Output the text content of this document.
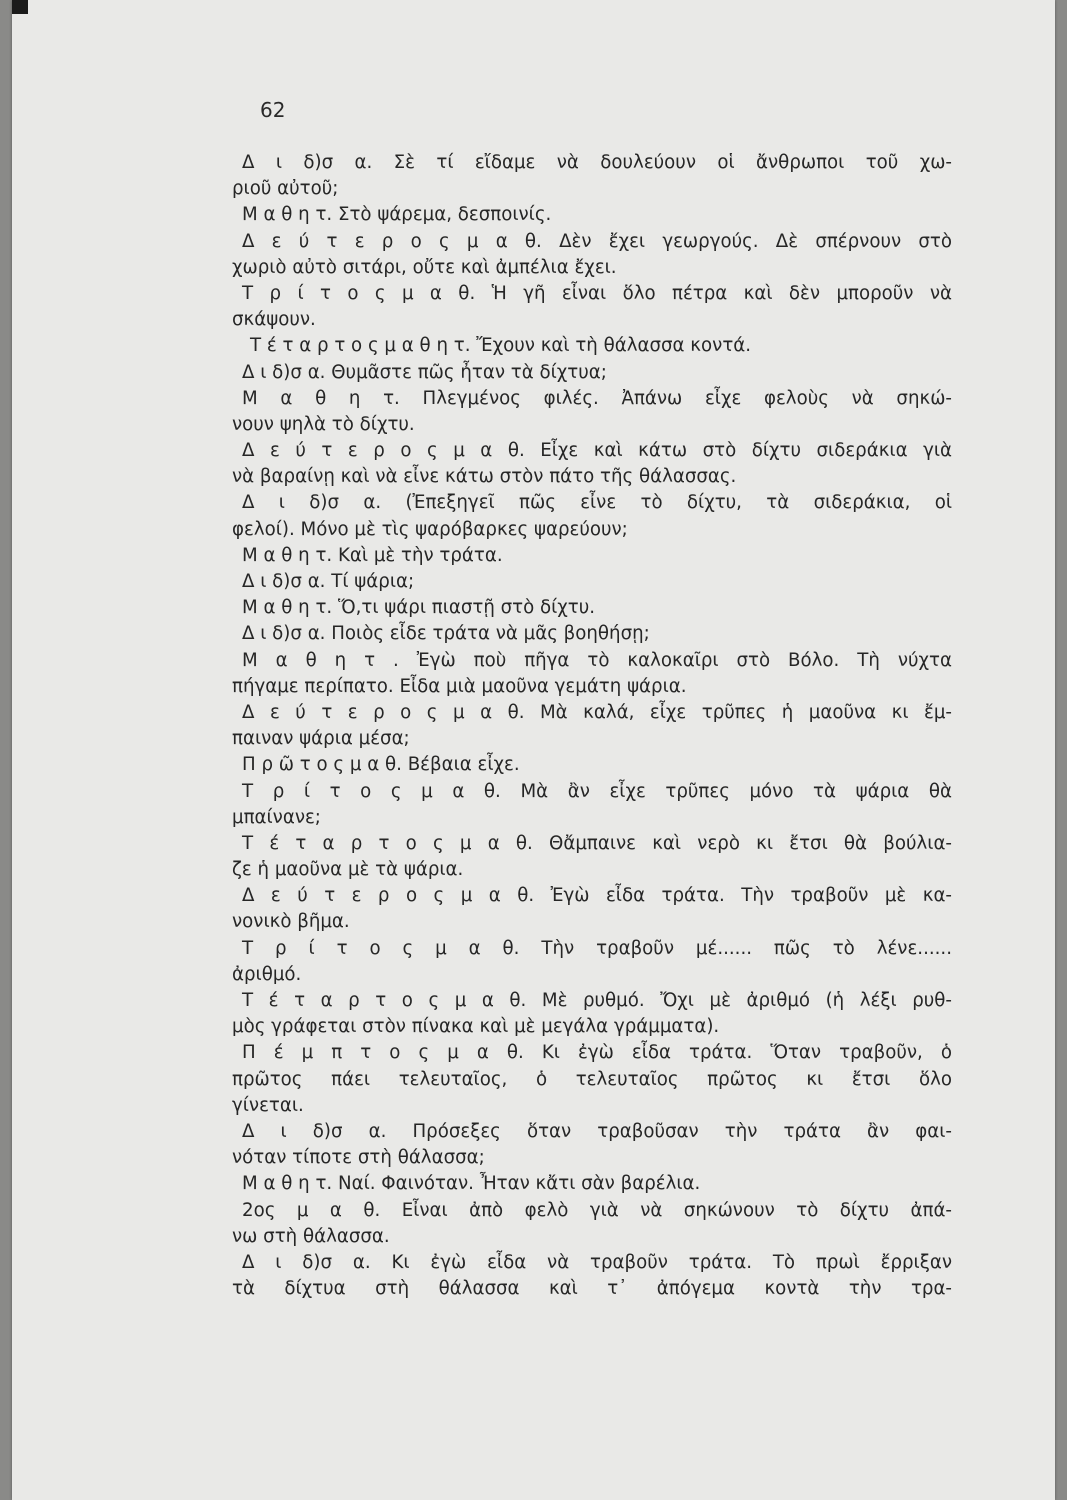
62
Δ ι δ)σ α. Σὲ τί εἴδαμε νὰ δουλεύουν οἱ ἄνθρωποι τοῦ χω-
ριοῦ αὐτοῦ;
Μ α θ η τ. Στὸ ψάρεμα, δεσποινίς.
Δ ε ύ τ ε ρ ο ς μ α θ. Δὲν ἔχει γεωργούς. Δὲ σπέρνουν στὸ
χωριὸ αὐτὸ σιτάρι, οὔτε καὶ ἀμπέλια ἔχει.
Τ ρ ί τ ο ς μ α θ. Ἡ γῆ εἶναι ὅλο πέτρα καὶ δὲν μποροῦν νὰ
σκάψουν.
Τ έ τ α ρ τ ο ς μ α θ η τ. Ἔχουν καὶ τὴ θάλασσα κοντά.
Δ ι δ)σ α. Θυμᾶστε πῶς ἦταν τὰ δίχτυα;
Μ α θ η τ. Πλεγμένος φιλές. Ἀπάνω εἶχε φελοὺς νὰ σηκώ-
νουν ψηλὰ τὸ δίχτυ.
Δ ε ύ τ ε ρ ο ς μ α θ. Εἶχε καὶ κάτω στὸ δίχτυ σιδεράκια γιὰ
νὰ βαραίνῃ καὶ νὰ εἶνε κάτω στὸν πάτο τῆς θάλασσας.
Δ ι δ)σ α. (Ἐπεξηγεῖ πῶς εἶνε τὸ δίχτυ, τὰ σιδεράκια, οἱ
φελοί). Μόνο μὲ τὶς ψαρόβαρκες ψαρεύουν;
Μ α θ η τ. Καὶ μὲ τὴν τράτα.
Δ ι δ)σ α. Τί ψάρια;
Μ α θ η τ. Ὅ,τι ψάρι πιαστῇ στὸ δίχτυ.
Δ ι δ)σ α. Ποιὸς εἶδε τράτα νὰ μᾶς βοηθήσῃ;
Μ α θ η τ . Ἐγὼ ποὺ πῆγα τὸ καλοκαῖρι στὸ Βόλο. Τὴ νύχτα
πήγαμε περίπατο. Εἶδα μιὰ μαοῦνα γεμάτη ψάρια.
Δ ε ύ τ ε ρ ο ς μ α θ. Μὰ καλά, εἶχε τρῦπες ἡ μαοῦνα κι ἔμ-
παιναν ψάρια μέσα;
Π ρ ῶ τ ο ς μ α θ. Βέβαια εἶχε.
Τ ρ ί τ ο ς μ α θ. Μὰ ἂν εἶχε τρῦπες μόνο τὰ ψάρια θὰ
μπαίνανε;
Τ έ τ α ρ τ ο ς μ α θ. Θἄμπαινε καὶ νερὸ κι ἔτσι θὰ βούλια-
ζε ἡ μαοῦνα μὲ τὰ ψάρια.
Δ ε ύ τ ε ρ ο ς μ α θ. Ἐγὼ εἶδα τράτα. Τὴν τραβοῦν μὲ κα-
νονικὸ βῆμα.
Τ ρ ί τ ο ς μ α θ. Τὴν τραβοῦν μέ...... πῶς τὸ λένε......
ἀριθμό.
Τ έ τ α ρ τ ο ς μ α θ. Μὲ ρυθμό. Ὄχι μὲ ἀριθμό (ἡ λέξι ρυθ-
μὸς γράφεται στὸν πίνακα καὶ μὲ μεγάλα γράμματα).
Π έ μ π τ ο ς μ α θ. Κι ἐγὼ εἶδα τράτα. Ὅταν τραβοῦν, ὁ
πρῶτος πάει τελευταῖος, ὁ τελευταῖος πρῶτος κι ἔτσι ὅλο
γίνεται.
Δ ι δ)σ α. Πρόσεξες ὅταν τραβοῦσαν τὴν τράτα ἂν φαι-
νόταν τίποτε στὴ θάλασσα;
Μ α θ η τ. Ναί. Φαινόταν. Ἦταν κἄτι σὰν βαρέλια.
2ος μ α θ. Εἶναι ἀπὸ φελὸ γιὰ νὰ σηκώνουν τὸ δίχτυ ἀπά-
νω στὴ θάλασσα.
Δ ι δ)σ α. Κι ἐγὼ εἶδα νὰ τραβοῦν τράτα. Τὸ πρωὶ ἔρριξαν
τὰ δίχτυα στὴ θάλασσα καὶ τ᾽ ἀπόγεμα κοντὰ τὴν τρα-
